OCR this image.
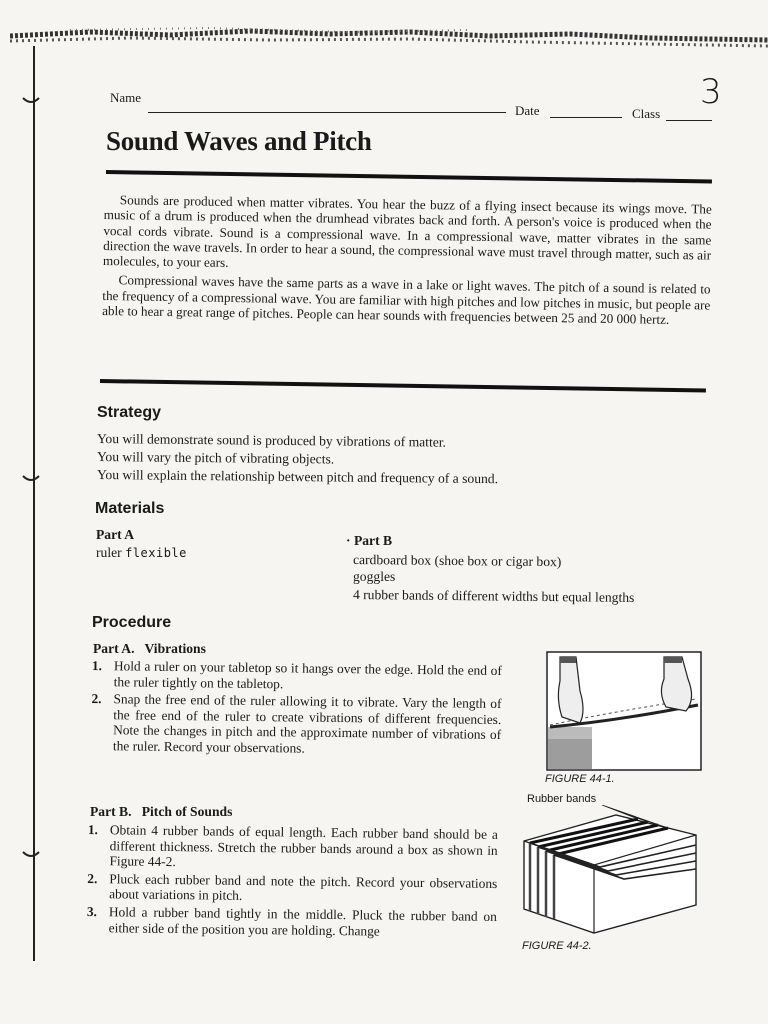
Name
Date	Class
3
Sound Waves and Pitch

Sounds are produced when matter vibrates. You hear the buzz of a flying insect because its wings move. The music of a drum is produced when the drumhead vibrates back and forth. A person's voice is produced when the vocal cords vibrate. Sound is a compressional wave. In a compressional wave, matter vibrates in the same direction the wave travels. In order to hear a sound, the compressional wave must travel through matter, such as air molecules, to your ears.

Compressional waves have the same parts as a wave in a lake or light waves. The pitch of a sound is related to the frequency of a compressional wave. You are familiar with high pitches and low pitches in music, but people are able to hear a great range of pitches. People can hear sounds with frequencies between 25 and 20 000 hertz.

Strategy
You will demonstrate sound is produced by vibrations of matter.
You will vary the pitch of vibrating objects.
You will explain the relationship between pitch and frequency of a sound.
Materials
Part A
ruler flexible
· Part B
cardboard box (shoe box or cigar box)
goggles
4 rubber bands of different widths but equal lengths
Procedure
Part A.   Vibrations
1. Hold a ruler on your tabletop so it hangs over the edge. Hold the end of the ruler tightly on the tabletop.
2. Snap the free end of the ruler allowing it to vibrate. Vary the length of the free end of the ruler to create vibrations of different frequencies. Note the changes in pitch and the approximate number of vibrations of the ruler. Record your observations.
Part B.   Pitch of Sounds
1. Obtain 4 rubber bands of equal length. Each rubber band should be a different thickness. Stretch the rubber bands around a box as shown in Figure 44-2.
2. Pluck each rubber band and note the pitch. Record your observations about variations in pitch.
3. Hold a rubber band tightly in the middle. Pluck the rubber band on either side of the position you are holding. Change
FIGURE 44-1.
Rubber bands
FIGURE 44-2.
